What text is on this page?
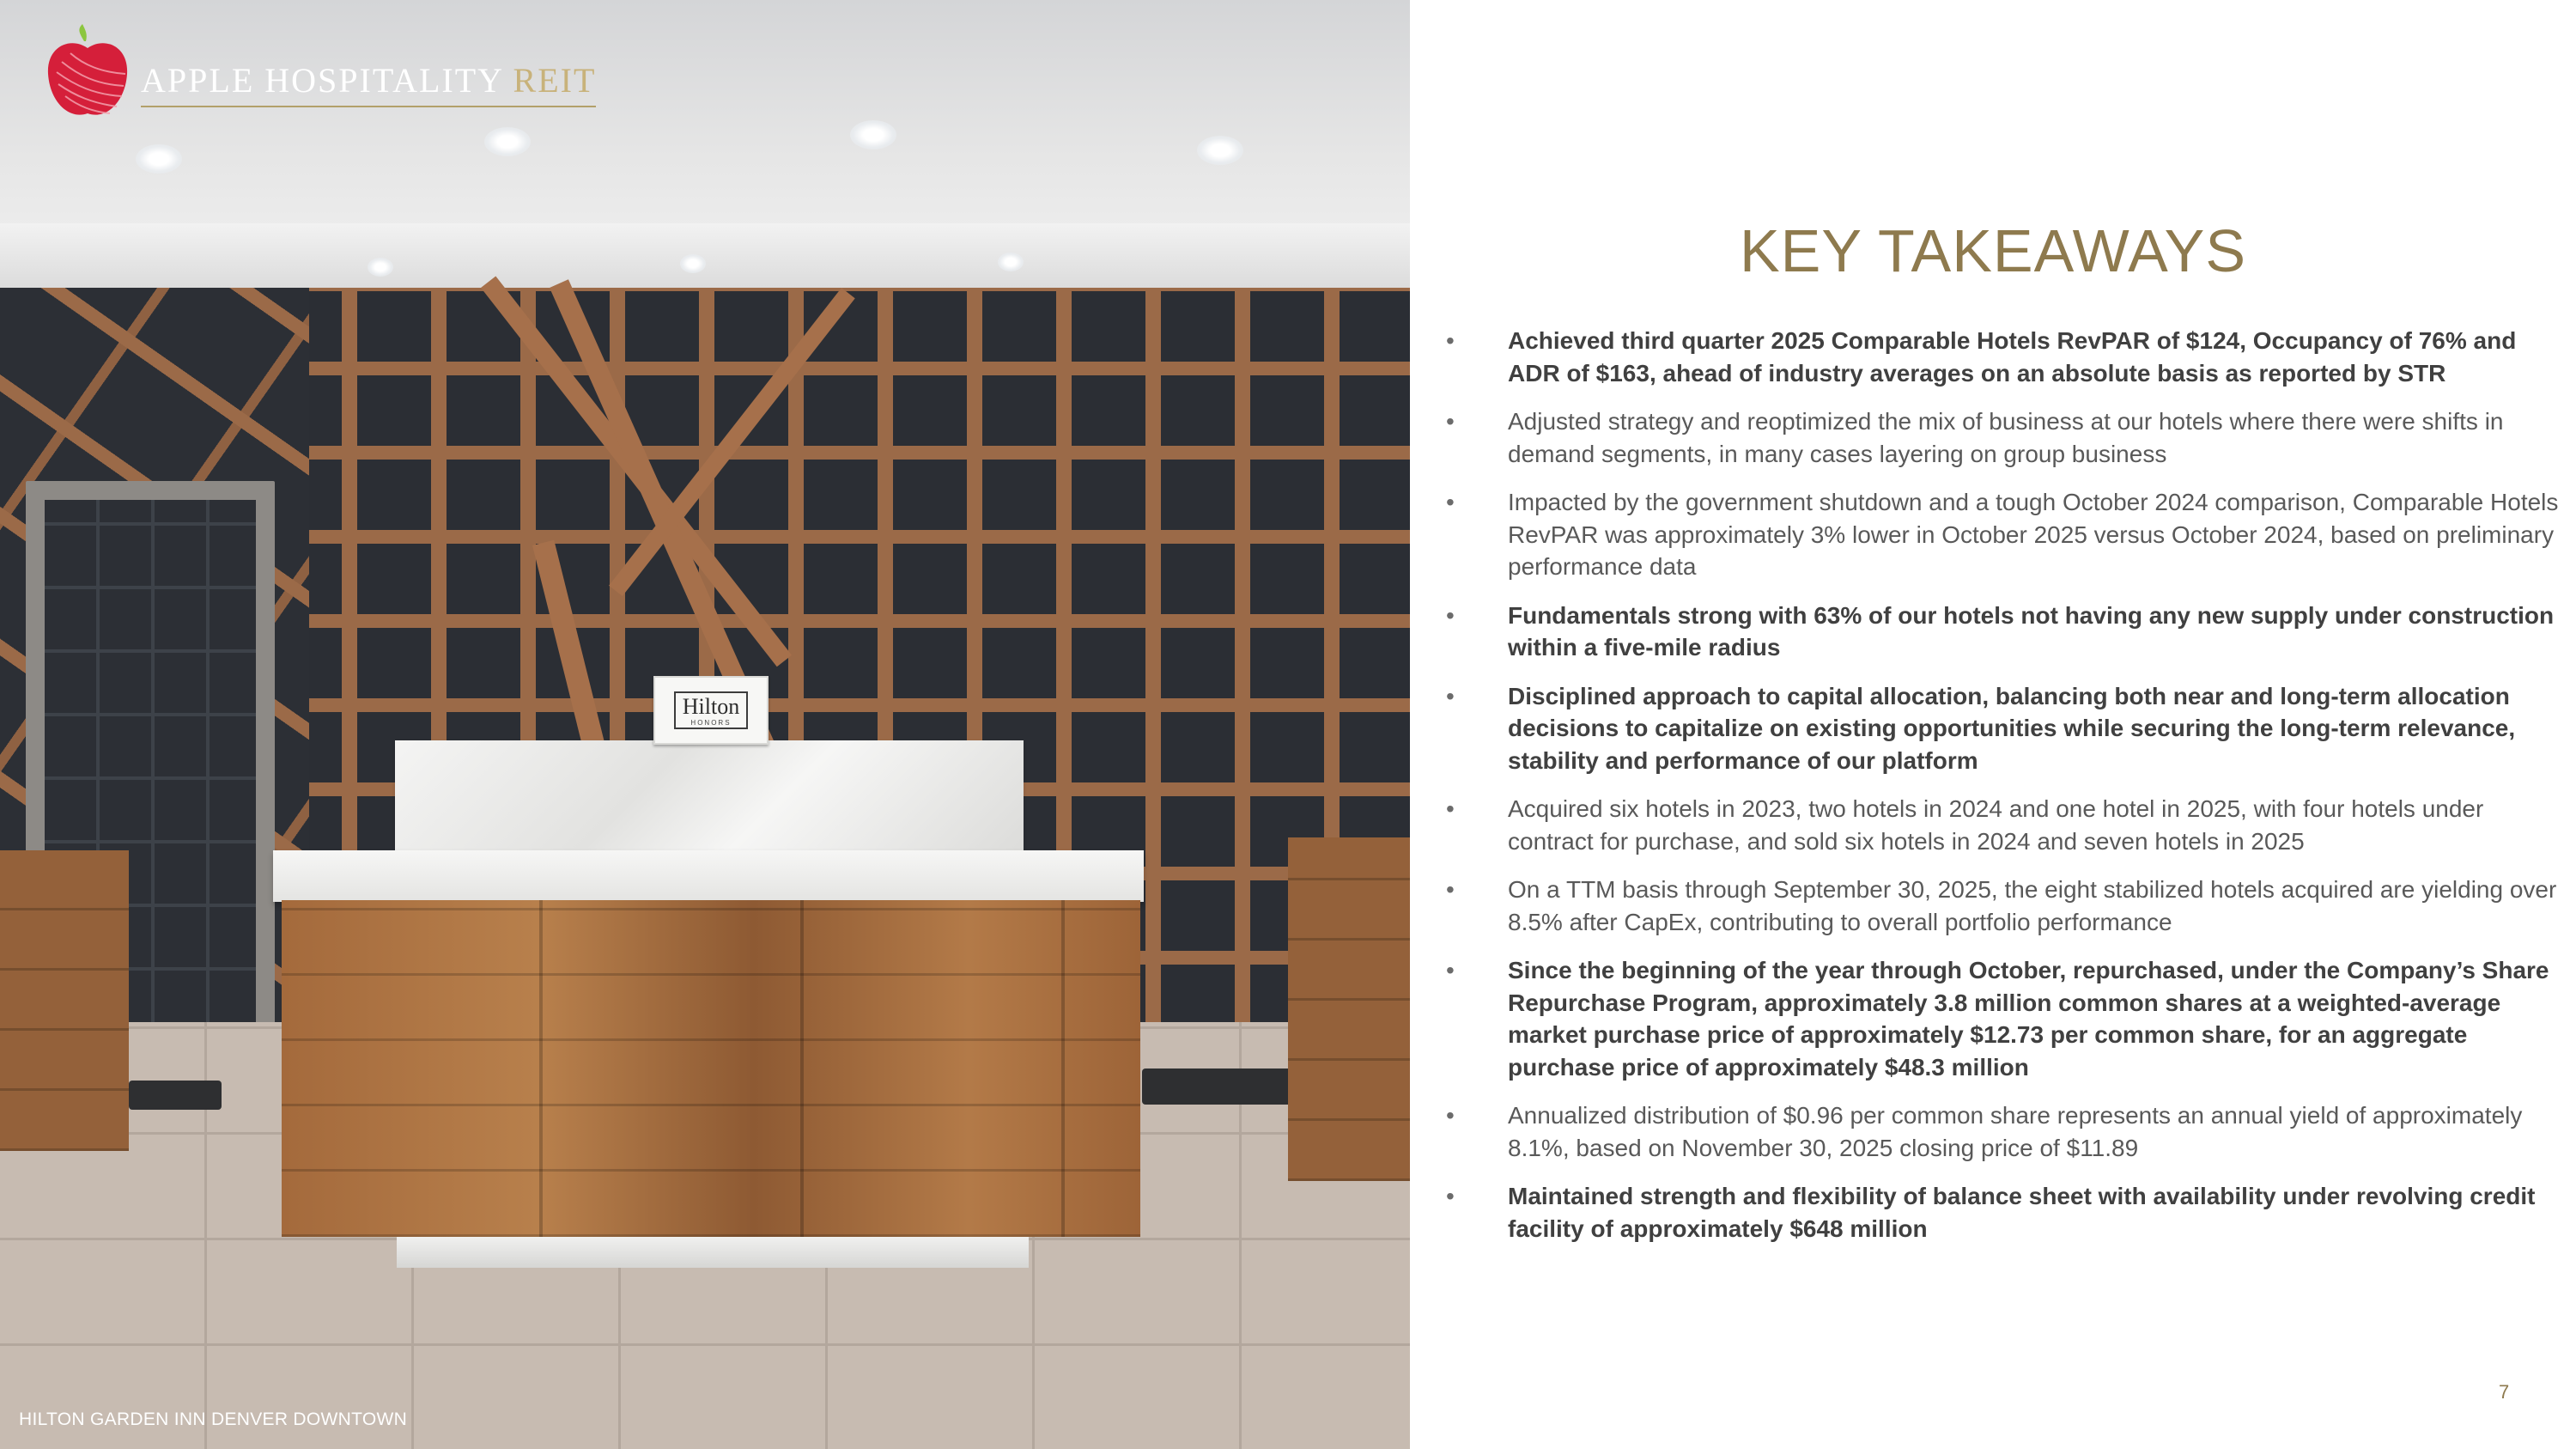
Hilton
HONORS
HILTON GARDEN INN DENVER DOWNTOWN
APPLE HOSPITALITY REIT
KEY TAKEAWAYS
• Achieved third quarter 2025 Comparable Hotels RevPAR of $124, Occupancy of 76% and ADR of $163, ahead of industry averages on an absolute basis as reported by STR
• Adjusted strategy and reoptimized the mix of business at our hotels where there were shifts in demand segments, in many cases layering on group business
• Impacted by the government shutdown and a tough October 2024 comparison, Comparable Hotels RevPAR was approximately 3% lower in October 2025 versus October 2024, based on preliminary performance data
• Fundamentals strong with 63% of our hotels not having any new supply under construction within a five-mile radius
• Disciplined approach to capital allocation, balancing both near and long-term allocation decisions to capitalize on existing opportunities while securing the long-term relevance, stability and performance of our platform
• Acquired six hotels in 2023, two hotels in 2024 and one hotel in 2025, with four hotels under contract for purchase, and sold six hotels in 2024 and seven hotels in 2025
• On a TTM basis through September 30, 2025, the eight stabilized hotels acquired are yielding over 8.5% after CapEx, contributing to overall portfolio performance
• Since the beginning of the year through October, repurchased, under the Company’s Share Repurchase Program, approximately 3.8 million common shares at a weighted-average market purchase price of approximately $12.73 per common share, for an aggregate purchase price of approximately $48.3 million
• Annualized distribution of $0.96 per common share represents an annual yield of approximately 8.1%, based on November 30, 2025 closing price of $11.89
• Maintained strength and flexibility of balance sheet with availability under revolving credit facility of approximately $648 million
7
